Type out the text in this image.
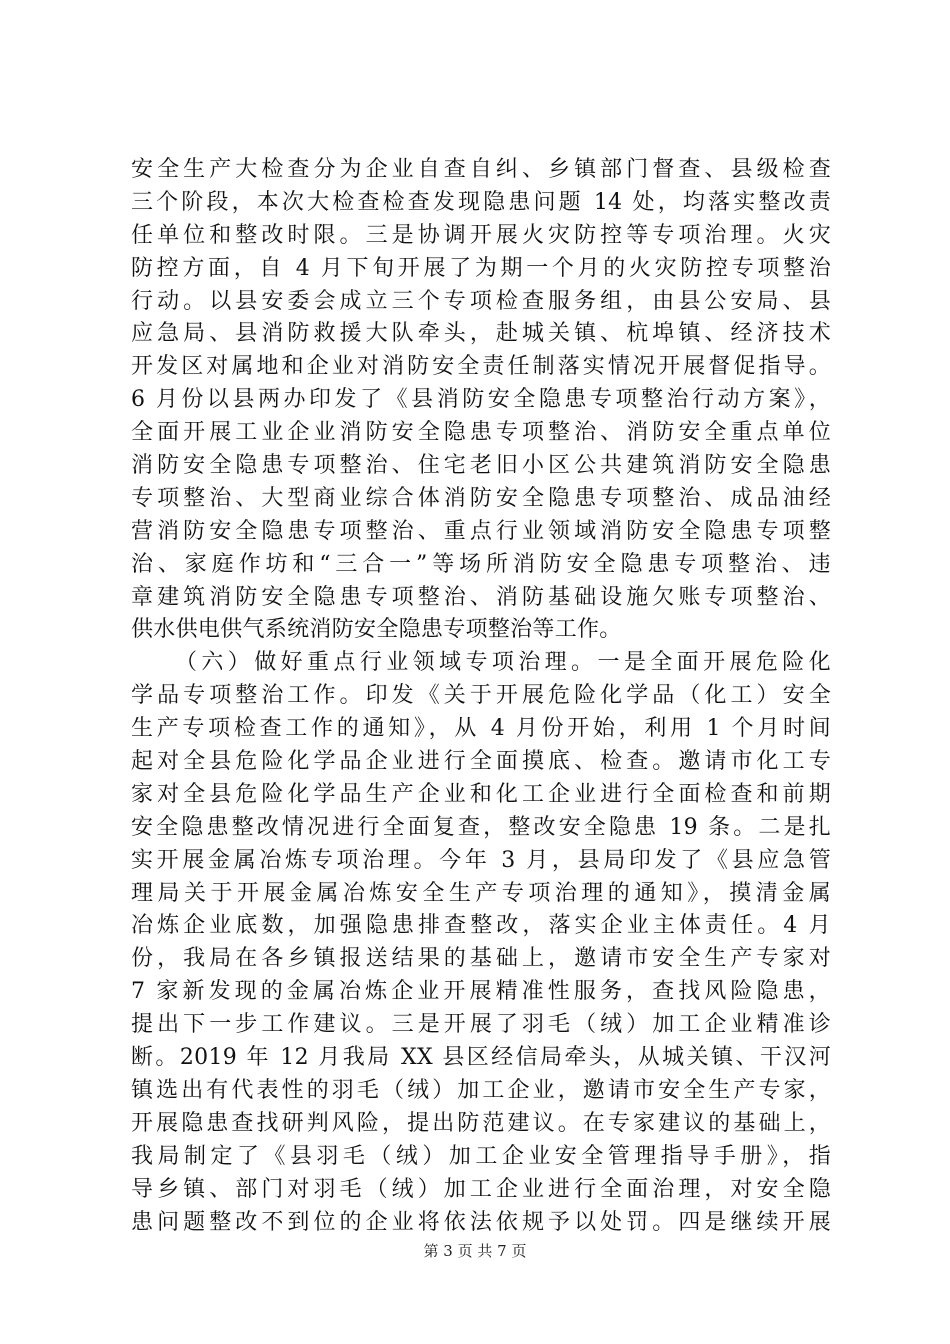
安全生产大检查分为企业自查自纠、乡镇部门督查、县级检查
三个阶段，本次大检查检查发现隐患问题 14 处，均落实整改责
任单位和整改时限。三是协调开展火灾防控等专项治理。火灾
防控方面，自 4 月下旬开展了为期一个月的火灾防控专项整治
行动。以县安委会成立三个专项检查服务组，由县公安局、县
应急局、县消防救援大队牵头，赴城关镇、杭埠镇、经济技术
开发区对属地和企业对消防安全责任制落实情况开展督促指导。
6 月份以县两办印发了《县消防安全隐患专项整治行动方案》，
全面开展工业企业消防安全隐患专项整治、消防安全重点单位
消防安全隐患专项整治、住宅老旧小区公共建筑消防安全隐患
专项整治、大型商业综合体消防安全隐患专项整治、成品油经
营消防安全隐患专项整治、重点行业领域消防安全隐患专项整
治、家庭作坊和“三合一”等场所消防安全隐患专项整治、违
章建筑消防安全隐患专项整治、消防基础设施欠账专项整治、
供水供电供气系统消防安全隐患专项整治等工作。
（六）做好重点行业领域专项治理。一是全面开展危险化
学品专项整治工作。印发《关于开展危险化学品（化工）安全
生产专项检查工作的通知》，从 4 月份开始，利用 1 个月时间
起对全县危险化学品企业进行全面摸底、检查。邀请市化工专
家对全县危险化学品生产企业和化工企业进行全面检查和前期
安全隐患整改情况进行全面复查，整改安全隐患 19 条。二是扎
实开展金属冶炼专项治理。今年 3 月，县局印发了《县应急管
理局关于开展金属冶炼安全生产专项治理的通知》，摸清金属
冶炼企业底数，加强隐患排查整改，落实企业主体责任。4 月
份，我局在各乡镇报送结果的基础上，邀请市安全生产专家对
7 家新发现的金属冶炼企业开展精准性服务，查找风险隐患，
提出下一步工作建议。三是开展了羽毛（绒）加工企业精准诊
断。2019 年 12 月我局 XX 县区经信局牵头，从城关镇、干汉河
镇选出有代表性的羽毛（绒）加工企业，邀请市安全生产专家，
开展隐患查找研判风险，提出防范建议。在专家建议的基础上，
我局制定了《县羽毛（绒）加工企业安全管理指导手册》，指
导乡镇、部门对羽毛（绒）加工企业进行全面治理，对安全隐
患问题整改不到位的企业将依法依规予以处罚。四是继续开展
第 3 页 共 7 页
